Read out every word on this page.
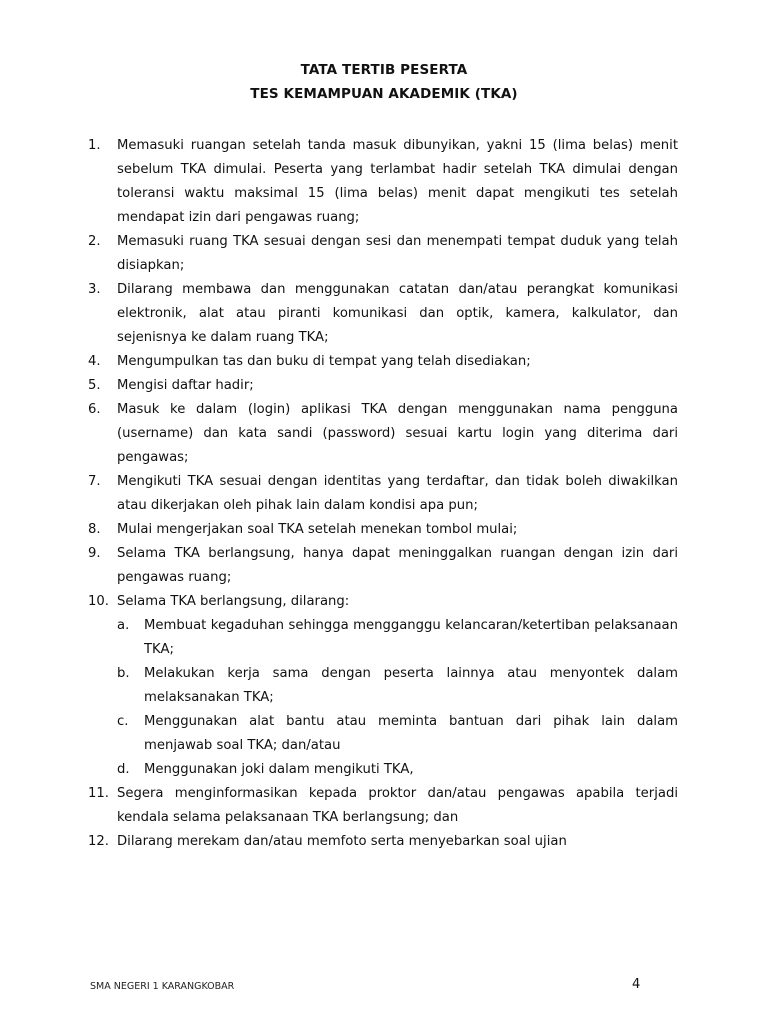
TATA TERTIB PESERTA
TES KEMAMPUAN AKADEMIK (TKA)
1. Memasuki ruangan setelah tanda masuk dibunyikan, yakni 15 (lima belas) menit sebelum TKA dimulai. Peserta yang terlambat hadir setelah TKA dimulai dengan toleransi waktu maksimal 15 (lima belas) menit dapat mengikuti tes setelah mendapat izin dari pengawas ruang;
2. Memasuki ruang TKA sesuai dengan sesi dan menempati tempat duduk yang telah disiapkan;
3. Dilarang membawa dan menggunakan catatan dan/atau perangkat komunikasi elektronik, alat atau piranti komunikasi dan optik, kamera, kalkulator, dan sejenisnya ke dalam ruang TKA;
4. Mengumpulkan tas dan buku di tempat yang telah disediakan;
5. Mengisi daftar hadir;
6. Masuk ke dalam (login) aplikasi TKA dengan menggunakan nama pengguna (username) dan kata sandi (password) sesuai kartu login yang diterima dari pengawas;
7. Mengikuti TKA sesuai dengan identitas yang terdaftar, dan tidak boleh diwakilkan atau dikerjakan oleh pihak lain dalam kondisi apa pun;
8. Mulai mengerjakan soal TKA setelah menekan tombol mulai;
9. Selama TKA berlangsung, hanya dapat meninggalkan ruangan dengan izin dari pengawas ruang;
10. Selama TKA berlangsung, dilarang:
a. Membuat kegaduhan sehingga mengganggu kelancaran/ketertiban pelaksanaan TKA;
b. Melakukan kerja sama dengan peserta lainnya atau menyontek dalam melaksanakan TKA;
c. Menggunakan alat bantu atau meminta bantuan dari pihak lain dalam menjawab soal TKA; dan/atau
d. Menggunakan joki dalam mengikuti TKA,
11. Segera menginformasikan kepada proktor dan/atau pengawas apabila terjadi kendala selama pelaksanaan TKA berlangsung; dan
12. Dilarang merekam dan/atau memfoto serta menyebarkan soal ujian
SMA NEGERI 1 KARANGKOBAR	4
